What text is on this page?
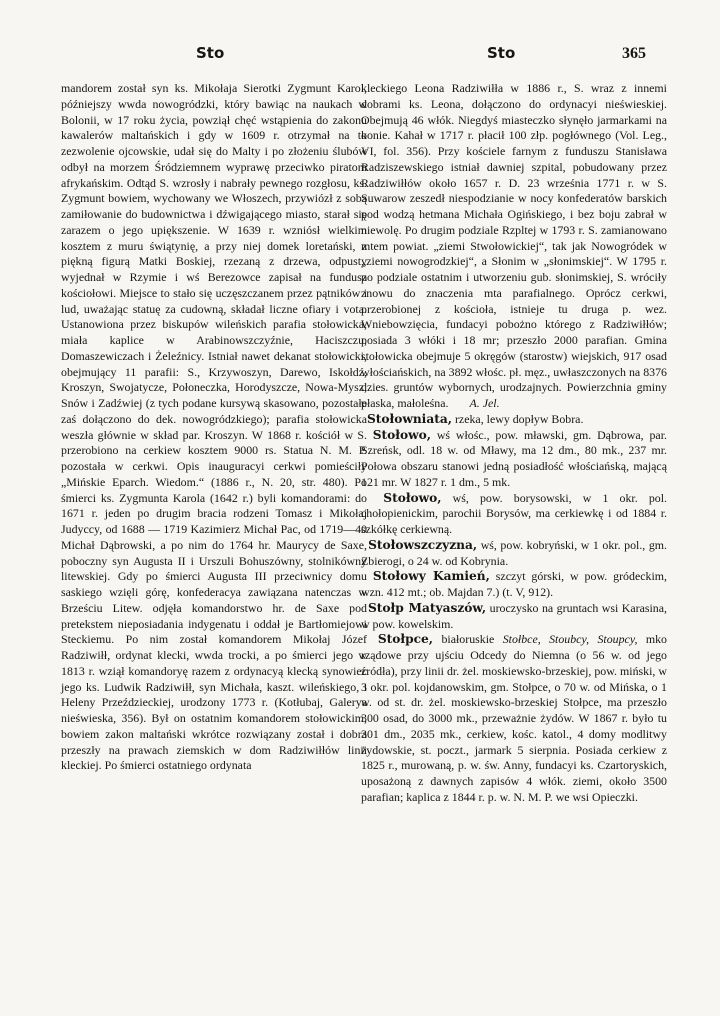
Sto	Sto	365

mandorem został syn ks. Mikołaja Sierotki Zygmunt Karol, późniejszy wwda nowogródzki, który bawiąc na naukach w Bolonii, w 17 roku życia, powziął chęć wstąpienia do zakonu kawalerów maltańskich i gdy w 1609 r. otrzymał na to zezwolenie ojcowskie, udał się do Malty i po złożeniu ślubów odbył na morzem Śródziemnem wyprawę przeciwko piratom afrykańskim. Odtąd S. wzrosły i nabrały pewnego rozgłosu, ks. Zygmunt bowiem, wychowany we Włoszech, przywiózł z sobą zamiłowanie do budownictwa i dźwigającego miasto, starał się zarazem o jego upiększenie. W 1639 r. wzniósł wielkim kosztem z muru świątynię, a przy niej domek loretański, z piękną figurą Matki Boskiej, rzezaną z drzewa, odpusty wyjednał w Rzymie i wś Berezowce zapisał na fundusz kościołowi. Miejsce to stało się uczęszczanem przez pątników i lud, uważając statuę za cudowną, składał liczne ofiary i vota. Ustanowiona przez biskupów wileńskich parafia stołowicka, miała kaplice w Arabinowszczyźnie, Haciszczu, Domaszewiczach i Żeleźnicy. Istniał nawet dekanat stołowicki, obejmujący 11 parafii: S., Krzywoszyn, Darewo, Iskołdź, Kroszyn, Swojatycze, Połoneczka, Horodyszcze, Nowa-Mysz, Snów i Zadźwiej (z tych podane kursywą skasowano, pozostałe zaś dołączono do dek. nowogródzkiego); parafia stołowicka weszła głównie w skład par. Kroszyn. W 1868 r. kościół w S. przerobiono na cerkiew kosztem 9000 rs. Statua N. M. P. pozostała w cerkwi. Opis inauguracyi cerkwi pomieściły „Mińskie Eparch. Wiedom.“ (1886 r., N. 20, str. 480). Po śmierci ks. Zygmunta Karola (1642 r.) byli komandorami: do 1671 r. jeden po drugim bracia rodzeni Tomasz i Mikołaj Judyccy, od 1688 — 1719 Kazimierz Michał Pac, od 1719—40 Michał Dąbrowski, a po nim do 1764 hr. Maurycy de Saxe, poboczny syn Augusta II i Urszuli Bohuszówny, stolnikówny litewskiej. Gdy po śmierci Augusta III przeciwnicy domu saskiego wzięli górę, konfederacya zawiązana natenczas w Brześciu Litew. odjęła komandorstwo hr. de Saxe pod pretekstem nieposiadania indygenatu i oddał je Bartłomiejowi Steckiemu. Po nim został komandorem Mikołaj Józef Radziwiłł, ordynat klecki, wwda trocki, a po śmierci jego w 1813 r. wziął komandoryę razem z ordynacyą klecką synowiec jego ks. Ludwik Radziwiłł, syn Michała, kaszt. wileńskiego, i Heleny Przeździeckiej, urodzony 1773 r. (Kotłubaj, Galerya nieświeska, 356). Był on ostatnim komandorem stołowickim, bowiem zakon maltański wkrótce rozwiązany został i dobra przeszły na prawach ziemskich w dom Radziwiłłów linii kleckiej. Po śmierci ostatniego ordynata

kleckiego Leona Radziwiłła w 1886 r., S. wraz z innemi dobrami ks. Leona, dołączono do ordynacyi nieświeskiej. Obejmują 46 włók. Niegdyś miasteczko słynęło jarmarkami na konie. Kahał w 1717 r. płacił 100 złp. pogłównego (Vol. Leg., VI, fol. 356). Przy kościele farnym z funduszu Stanisława Radziszewskiego istniał dawniej szpital, pobudowany przez Radziwiłłów około 1657 r. D. 23 września 1771 r. w S. Suwarow zeszedł niespodzianie w nocy konfederatów barskich pod wodzą hetmana Michała Ogińskiego, i bez boju zabrał w niewolę. Po drugim podziale Rzpltej w 1793 r. S. zamianowano mtem powiat. „ziemi Stwołowickiej“, tak jak Nowogródek w „ziemi nowogrodzkiej“, a Słonim w „słonimskiej“. W 1795 r. po podziale ostatnim i utworzeniu gub. słonimskiej, S. wróciły znowu do znaczenia mta parafialnego. Oprócz cerkwi, przerobionej z kościoła, istnieje tu druga p. wez. Wniebowzięcia, fundacyi pobożno którego z Radziwiłłów; posiada 3 włóki i 18 mr; przeszło 2000 parafian. Gmina stołowicka obejmuje 5 okręgów (starostw) wiejskich, 917 osad włościańskich, na 3892 włośc. pł. męz., uwłaszczonych na 8376 dzies. gruntów wybornych, urodzajnych. Powierzchnia gminy płaska, małoleśna. A. Jel.

Stołowniata, rzeka, lewy dopływ Bobra.

Stołowo, wś włośc., pow. mławski, gm. Dąbrowa, par. Szreńsk, odl. 18 w. od Mławy, ma 12 dm., 80 mk., 237 mr. Połowa obszaru stanowi jedną posiadłość włościańską, mającą 121 mr. W 1827 r. 1 dm., 5 mk.

Stołowo, wś, pow. borysowski, w 1 okr. pol. chołopienickim, parochii Borysów, ma cerkiewkę i od 1884 r. szkółkę cerkiewną.

Stołowszczyzna, wś, pow. kobryński, w 1 okr. pol., gm. Zbierogi, o 24 w. od Kobrynia.

Stołowy Kamień, szczyt górski, w pow. gródeckim, wzn. 412 mt.; ob. Majdan 7.) (t. V, 912).

Stołp Matyaszów, uroczysko na gruntach wsi Karasina, w pow. kowelskim.

Stołpce, białoruskie Stołbce, Stoubcy, Stoupcy, mko rządowe przy ujściu Odcedy do Niemna (o 56 w. od jego źródła), przy linii dr. żel. moskiewsko-brzeskiej, pow. miński, w 3 okr. pol. kojdanowskim, gm. Stołpce, o 70 w. od Mińska, o 1 w. od st. dr. żel. moskiewsko-brzeskiej Stołpce, ma przeszło 300 osad, do 3000 mk., przeważnie żydów. W 1867 r. było tu 301 dm., 2035 mk., cerkiew, kośc. katol., 4 domy modlitwy żydowskie, st. poczt., jarmark 5 sierpnia. Posiada cerkiew z 1825 r., murowaną, p. w. św. Anny, fundacyi ks. Czartoryskich, uposażoną z dawnych zapisów 4 włók. ziemi, około 3500 parafian; kaplica z 1844 r. p. w. N. M. P. we wsi Opieczki.
